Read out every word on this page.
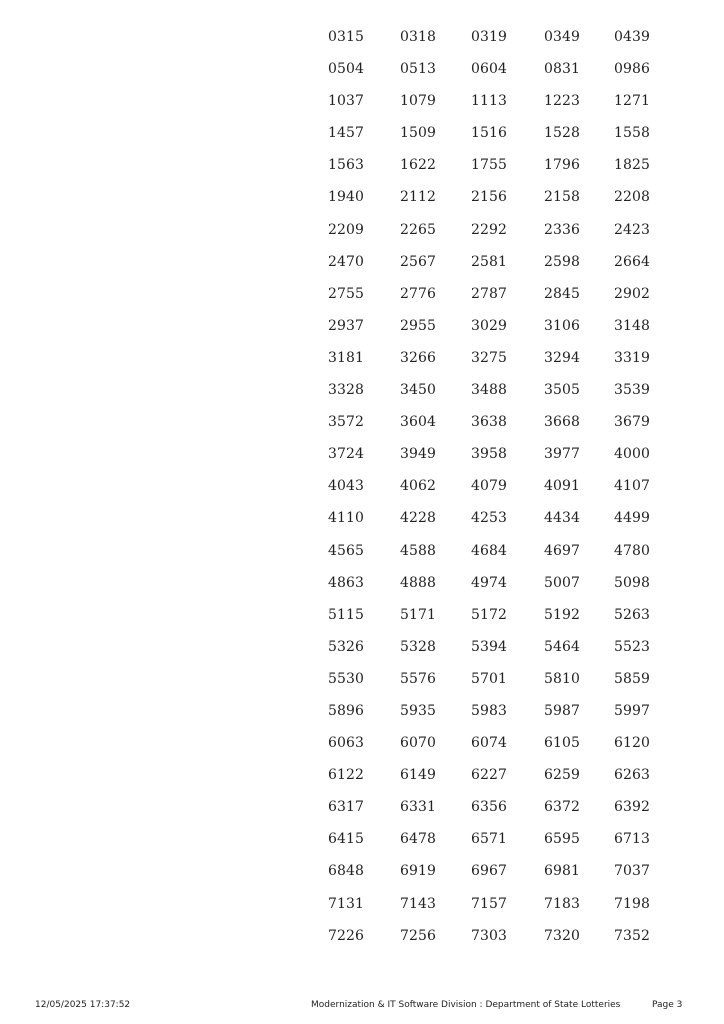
0315	0318	0319	0349	0439
0504	0513	0604	0831	0986
1037	1079	1113	1223	1271
1457	1509	1516	1528	1558
1563	1622	1755	1796	1825
1940	2112	2156	2158	2208
2209	2265	2292	2336	2423
2470	2567	2581	2598	2664
2755	2776	2787	2845	2902
2937	2955	3029	3106	3148
3181	3266	3275	3294	3319
3328	3450	3488	3505	3539
3572	3604	3638	3668	3679
3724	3949	3958	3977	4000
4043	4062	4079	4091	4107
4110	4228	4253	4434	4499
4565	4588	4684	4697	4780
4863	4888	4974	5007	5098
5115	5171	5172	5192	5263
5326	5328	5394	5464	5523
5530	5576	5701	5810	5859
5896	5935	5983	5987	5997
6063	6070	6074	6105	6120
6122	6149	6227	6259	6263
6317	6331	6356	6372	6392
6415	6478	6571	6595	6713
6848	6919	6967	6981	7037
7131	7143	7157	7183	7198
7226	7256	7303	7320	7352
12/05/2025 17:37:52	Modernization & IT Software Division : Department of State Lotteries	Page 3
